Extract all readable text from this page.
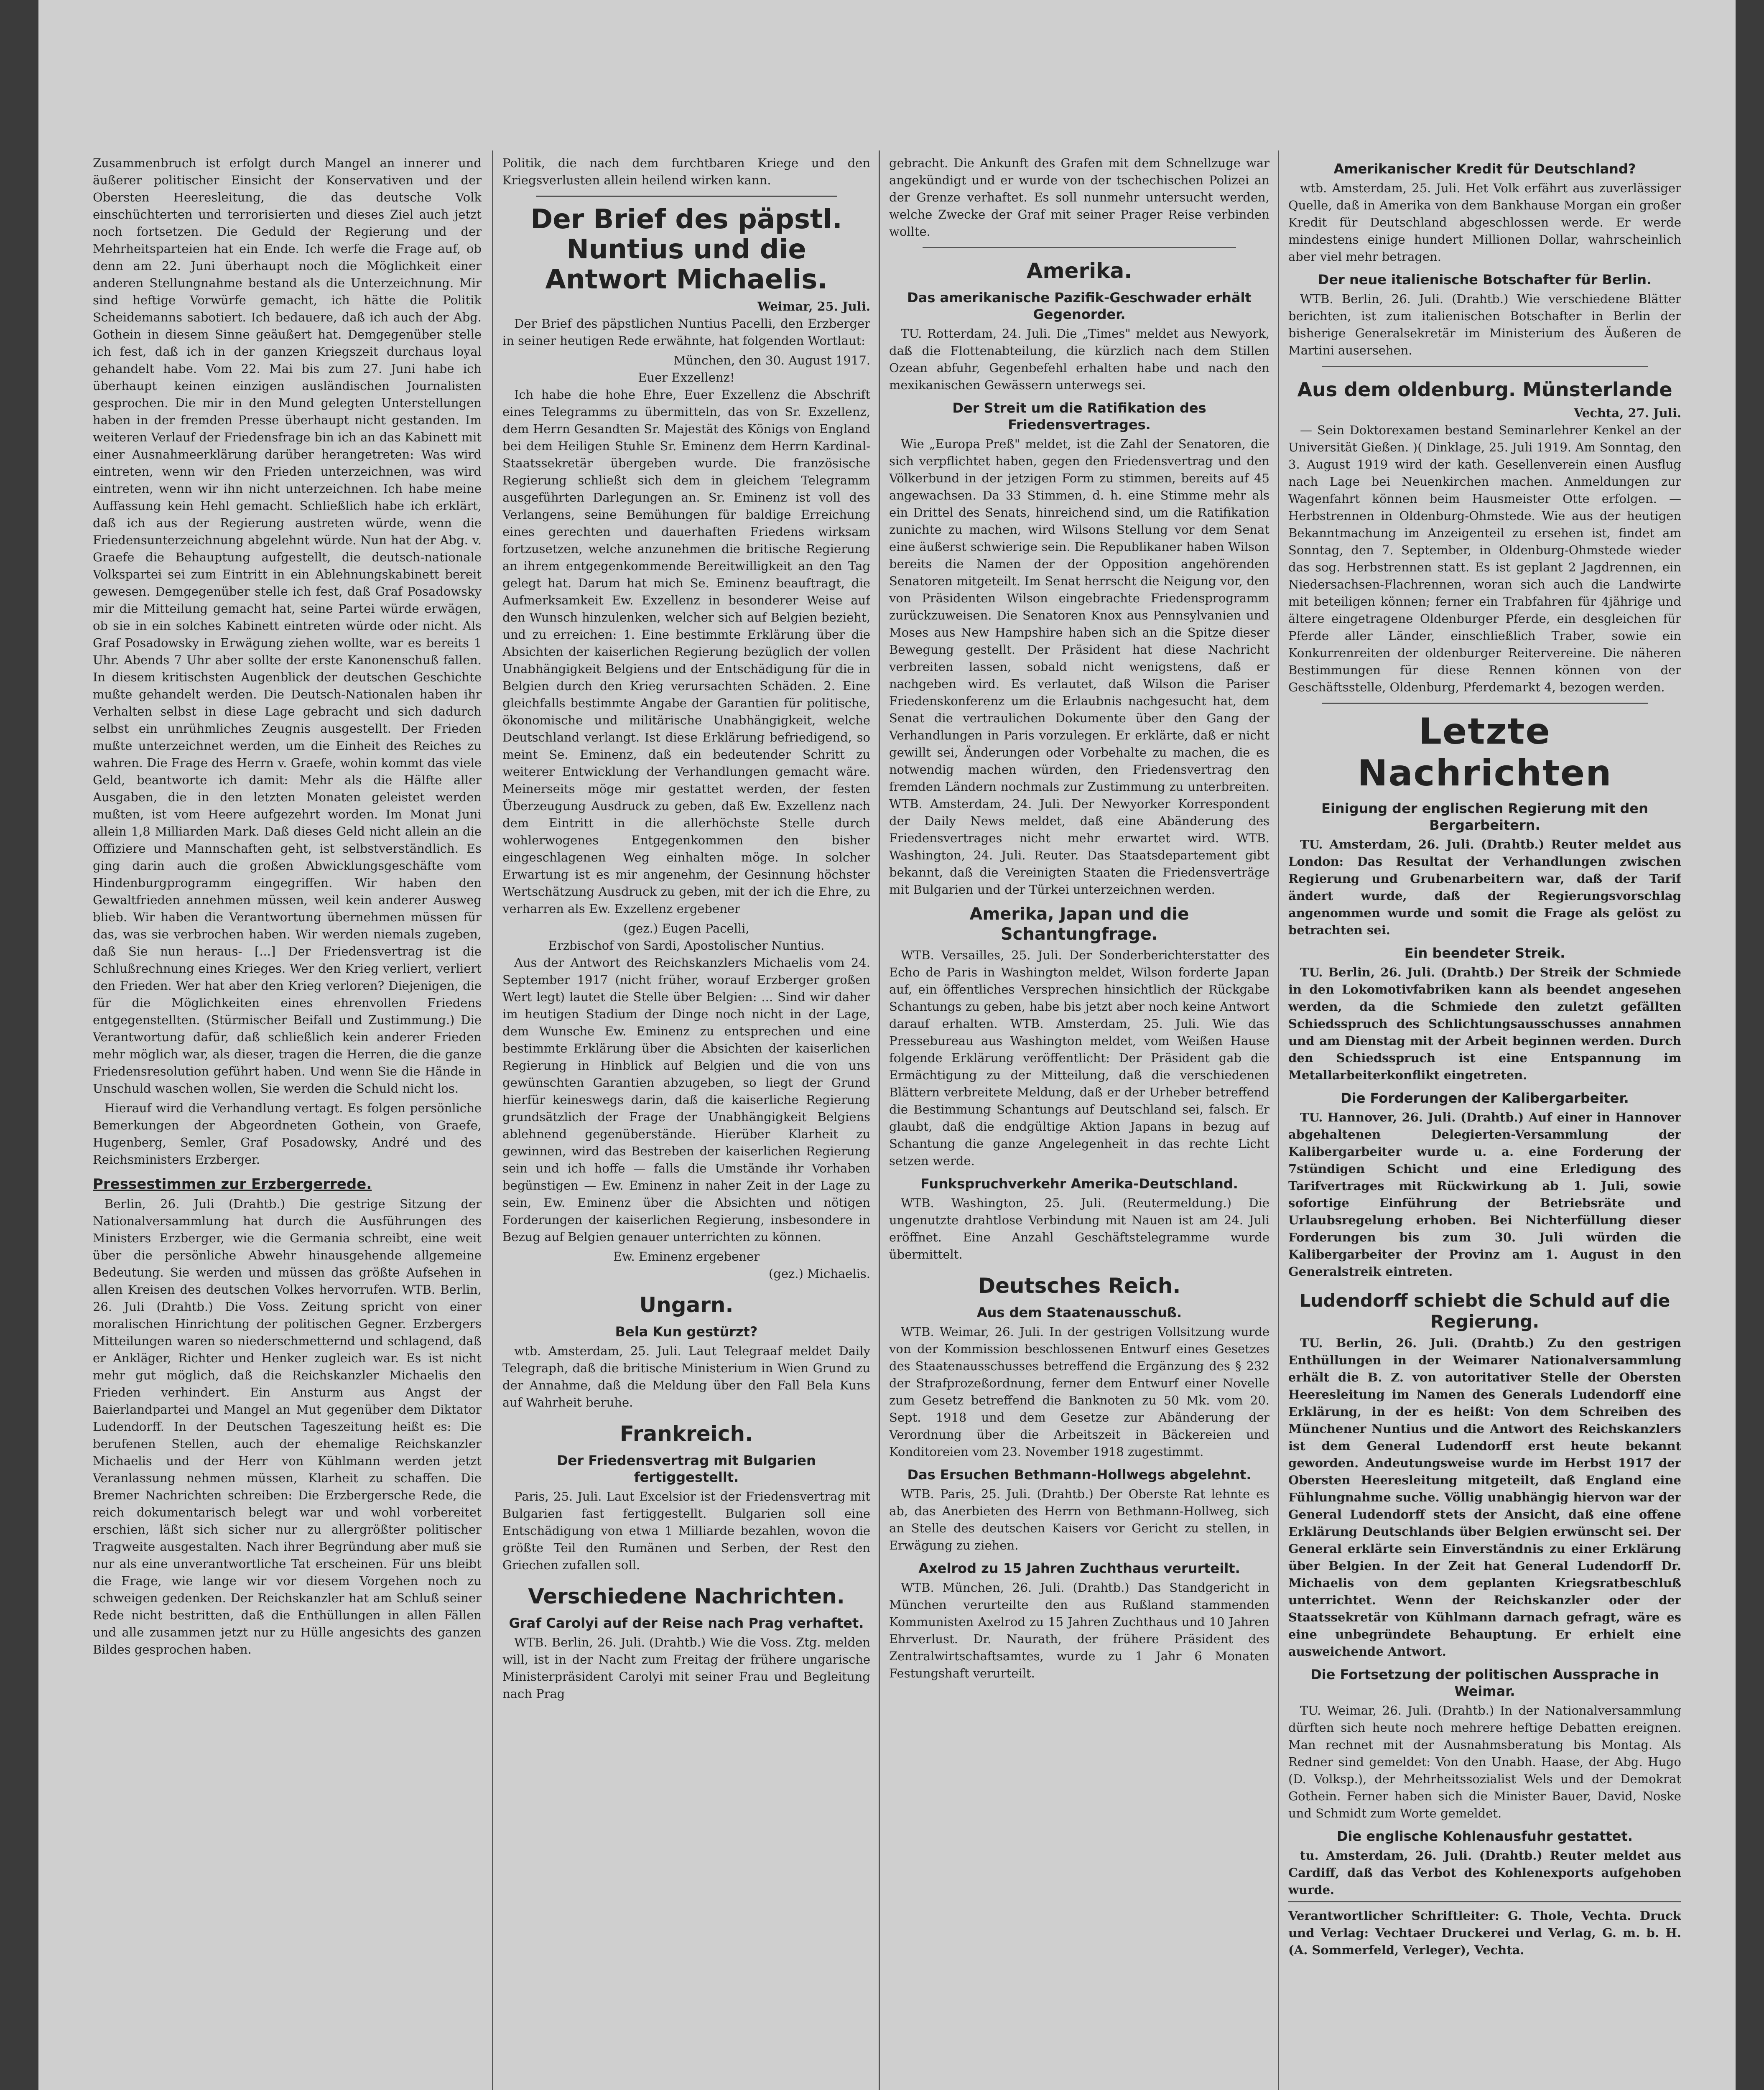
Zusammenbruch ist erfolgt durch Mangel an innerer und äußerer politischer Einsicht der Konservativen und der Obersten Heeresleitung, die das deutsche Volk einschüchterten und terrorisierten und dieses Ziel auch jetzt noch fortsetzen. Die Geduld der Regierung und der Mehrheitsparteien hat ein Ende. Ich werfe die Frage auf, ob denn am 22. Juni überhaupt noch die Möglichkeit einer anderen Stellungnahme bestand als die Unterzeichnung. Mir sind heftige Vorwürfe gemacht, ich hätte die Politik Scheidemanns sabotiert. Ich bedauere, daß ich auch der Abg. Gothein in diesem Sinne geäußert hat. Demgegenüber stelle ich fest, daß ich in der ganzen Kriegszeit durchaus loyal gehandelt habe. Vom 22. Mai bis zum 27. Juni habe ich überhaupt keinen einzigen ausländischen Journalisten gesprochen. Die mir in den Mund gelegten Unterstellungen haben in der fremden Presse überhaupt nicht gestanden. Im weiteren Verlauf der Friedensfrage bin ich an das Kabinett mit einer Ausnahmeerklärung darüber herangetreten: Was wird eintreten, wenn wir den Frieden unterzeichnen, was wird eintreten, wenn wir ihn nicht unterzeichnen. Ich habe meine Auffassung kein Hehl gemacht. Schließlich habe ich erklärt, daß ich aus der Regierung austreten würde, wenn die Friedensunterzeichnung abgelehnt würde. Nun hat der Abg. v. Graefe die Behauptung aufgestellt, die deutsch-nationale Volkspartei sei zum Eintritt in ein Ablehnungskabinett bereit gewesen. Demgegenüber stelle ich fest, daß Graf Posadowsky mir die Mitteilung gemacht hat, seine Partei würde erwägen, ob sie in ein solches Kabinett eintreten würde oder nicht. Als Graf Posadowsky in Erwägung ziehen wollte, war es bereits 1 Uhr. Abends 7 Uhr aber sollte der erste Kanonenschuß fallen. In diesem kritischsten Augenblick der deutschen Geschichte mußte gehandelt werden. Die Deutsch-Nationalen haben ihr Verhalten selbst in diese Lage gebracht und sich dadurch selbst ein unrühmliches Zeugnis ausgestellt. Der Frieden mußte unterzeichnet werden, um die Einheit des Reiches zu wahren. Die Frage des Herrn v. Graefe, wohin kommt das viele Geld, beantworte ich damit: Mehr als die Hälfte aller Ausgaben, die in den letzten Monaten geleistet werden mußten, ist vom Heere aufgezehrt worden. Im Monat Juni allein 1,8 Milliarden Mark. Daß dieses Geld nicht allein an die Offiziere und Mannschaften geht, ist selbstverständlich. Es ging darin auch die großen Abwicklungsgeschäfte vom Hindenburgprogramm eingegriffen. Wir haben den Gewaltfrieden annehmen müssen, weil kein anderer Ausweg blieb. Wir haben die Verantwortung übernehmen müssen für das, was sie verbrochen haben. Wir werden niemals zugeben, daß Sie nun heraus- [...] Der Friedensvertrag ist die Schlußrechnung eines Krieges. Wer den Krieg verliert, verliert den Frieden. Wer hat aber den Krieg verloren? Diejenigen, die für die Möglichkeiten eines ehrenvollen Friedens entgegenstellten. (Stürmischer Beifall und Zustimmung.) Die Verantwortung dafür, daß schließlich kein anderer Frieden mehr möglich war, als dieser, tragen die Herren, die die ganze Friedensresolution geführt haben. Und wenn Sie die Hände in Unschuld waschen wollen, Sie werden die Schuld nicht los.

Hierauf wird die Verhandlung vertagt. Es folgen persönliche Bemerkungen der Abgeordneten Gothein, von Graefe, Hugenberg, Semler, Graf Posadowsky, André und des Reichsministers Erzberger.

Pressestimmen zur Erzbergerrede.

Berlin, 26. Juli (Drahtb.) Die gestrige Sitzung der Nationalversammlung hat durch die Ausführungen des Ministers Erzberger, wie die Germania schreibt, eine weit über die persönliche Abwehr hinausgehende allgemeine Bedeutung. Sie werden und müssen das größte Aufsehen in allen Kreisen des deutschen Volkes hervorrufen. WTB. Berlin, 26. Juli (Drahtb.) Die Voss. Zeitung spricht von einer moralischen Hinrichtung der politischen Gegner. Erzbergers Mitteilungen waren so niederschmetternd und schlagend, daß er Ankläger, Richter und Henker zugleich war. Es ist nicht mehr gut möglich, daß die Reichskanzler Michaelis den Frieden verhindert. Ein Ansturm aus Angst der Baierlandpartei und Mangel an Mut gegenüber dem Diktator Ludendorff. In der Deutschen Tageszeitung heißt es: Die berufenen Stellen, auch der ehemalige Reichskanzler Michaelis und der Herr von Kühlmann werden jetzt Veranlassung nehmen müssen, Klarheit zu schaffen. Die Bremer Nachrichten schreiben: Die Erzbergersche Rede, die reich dokumentarisch belegt war und wohl vorbereitet erschien, läßt sich sicher nur zu allergrößter politischer Tragweite ausgestalten. Nach ihrer Begründung aber muß sie nur als eine unverantwortliche Tat erscheinen. Für uns bleibt die Frage, wie lange wir vor diesem Vorgehen noch zu schweigen gedenken. Der Reichskanzler hat am Schluß seiner Rede nicht bestritten, daß die Enthüllungen in allen Fällen und alle zusammen jetzt nur zu Hülle angesichts des ganzen Bildes gesprochen haben.

Politik, die nach dem furchtbaren Kriege und den Kriegsverlusten allein heilend wirken kann.

Der Brief des päpstl. Nuntius und die Antwort Michaelis.
Weimar, 25. Juli.

Der Brief des päpstlichen Nuntius Pacelli, den Erzberger in seiner heutigen Rede erwähnte, hat folgenden Wortlaut:

München, den 30. August 1917.
Euer Exzellenz!

Ich habe die hohe Ehre, Euer Exzellenz die Abschrift eines Telegramms zu übermitteln, das von Sr. Exzellenz, dem Herrn Gesandten Sr. Majestät des Königs von England bei dem Heiligen Stuhle Sr. Eminenz dem Herrn Kardinal-Staatssekretär übergeben wurde. Die französische Regierung schließt sich dem in gleichem Telegramm ausgeführten Darlegungen an. Sr. Eminenz ist voll des Verlangens, seine Bemühungen für baldige Erreichung eines gerechten und dauerhaften Friedens wirksam fortzusetzen, welche anzunehmen die britische Regierung an ihrem entgegenkommende Bereitwilligkeit an den Tag gelegt hat. Darum hat mich Se. Eminenz beauftragt, die Aufmerksamkeit Ew. Exzellenz in besonderer Weise auf den Wunsch hinzulenken, welcher sich auf Belgien bezieht, und zu erreichen: 1. Eine bestimmte Erklärung über die Absichten der kaiserlichen Regierung bezüglich der vollen Unabhängigkeit Belgiens und der Entschädigung für die in Belgien durch den Krieg verursachten Schäden. 2. Eine gleichfalls bestimmte Angabe der Garantien für politische, ökonomische und militärische Unabhängigkeit, welche Deutschland verlangt. Ist diese Erklärung befriedigend, so meint Se. Eminenz, daß ein bedeutender Schritt zu weiterer Entwicklung der Verhandlungen gemacht wäre. Meinerseits möge mir gestattet werden, der festen Überzeugung Ausdruck zu geben, daß Ew. Exzellenz nach dem Eintritt in die allerhöchste Stelle durch wohlerwogenes Entgegenkommen den bisher eingeschlagenen Weg einhalten möge. In solcher Erwartung ist es mir angenehm, der Gesinnung höchster Wertschätzung Ausdruck zu geben, mit der ich die Ehre, zu verharren als Ew. Exzellenz ergebener

(gez.) Eugen Pacelli,
Erzbischof von Sardi, Apostolischer Nuntius.

Aus der Antwort des Reichskanzlers Michaelis vom 24. September 1917 (nicht früher, worauf Erzberger großen Wert legt) lautet die Stelle über Belgien: ... Sind wir daher im heutigen Stadium der Dinge noch nicht in der Lage, dem Wunsche Ew. Eminenz zu entsprechen und eine bestimmte Erklärung über die Absichten der kaiserlichen Regierung in Hinblick auf Belgien und die von uns gewünschten Garantien abzugeben, so liegt der Grund hierfür keineswegs darin, daß die kaiserliche Regierung grundsätzlich der Frage der Unabhängigkeit Belgiens ablehnend gegenüberstände. Hierüber Klarheit zu gewinnen, wird das Bestreben der kaiserlichen Regierung sein und ich hoffe — falls die Umstände ihr Vorhaben begünstigen — Ew. Eminenz in naher Zeit in der Lage zu sein, Ew. Eminenz über die Absichten und nötigen Forderungen der kaiserlichen Regierung, insbesondere in Bezug auf Belgien genauer unterrichten zu können.

Ew. Eminenz ergebener
(gez.) Michaelis.
Ungarn.
Bela Kun gestürzt?

wtb. Amsterdam, 25. Juli. Laut Telegraaf meldet Daily Telegraph, daß die britische Ministerium in Wien Grund zu der Annahme, daß die Meldung über den Fall Bela Kuns auf Wahrheit beruhe.

Frankreich.
Der Friedensvertrag mit Bulgarien fertiggestellt.

Paris, 25. Juli. Laut Excelsior ist der Friedensvertrag mit Bulgarien fast fertiggestellt. Bulgarien soll eine Entschädigung von etwa 1 Milliarde bezahlen, wovon die größte Teil den Rumänen und Serben, der Rest den Griechen zufallen soll.

Verschiedene Nachrichten.
Graf Carolyi auf der Reise nach Prag verhaftet.

WTB. Berlin, 26. Juli. (Drahtb.) Wie die Voss. Ztg. melden will, ist in der Nacht zum Freitag der frühere ungarische Ministerpräsident Carolyi mit seiner Frau und Begleitung nach Prag

gebracht. Die Ankunft des Grafen mit dem Schnellzuge war angekündigt und er wurde von der tschechischen Polizei an der Grenze verhaftet. Es soll nunmehr untersucht werden, welche Zwecke der Graf mit seiner Prager Reise verbinden wollte.

Amerika.
Das amerikanische Pazifik-Geschwader erhält Gegenorder.

TU. Rotterdam, 24. Juli. Die „Times" meldet aus Newyork, daß die Flottenabteilung, die kürzlich nach dem Stillen Ozean abfuhr, Gegenbefehl erhalten habe und nach den mexikanischen Gewässern unterwegs sei.

Der Streit um die Ratifikation des Friedensvertrages.

Wie „Europa Preß" meldet, ist die Zahl der Senatoren, die sich verpflichtet haben, gegen den Friedensvertrag und den Völkerbund in der jetzigen Form zu stimmen, bereits auf 45 angewachsen. Da 33 Stimmen, d. h. eine Stimme mehr als ein Drittel des Senats, hinreichend sind, um die Ratifikation zunichte zu machen, wird Wilsons Stellung vor dem Senat eine äußerst schwierige sein. Die Republikaner haben Wilson bereits die Namen der der Opposition angehörenden Senatoren mitgeteilt. Im Senat herrscht die Neigung vor, den von Präsidenten Wilson eingebrachte Friedensprogramm zurückzuweisen. Die Senatoren Knox aus Pennsylvanien und Moses aus New Hampshire haben sich an die Spitze dieser Bewegung gestellt. Der Präsident hat diese Nachricht verbreiten lassen, sobald nicht wenigstens, daß er nachgeben wird. Es verlautet, daß Wilson die Pariser Friedenskonferenz um die Erlaubnis nachgesucht hat, dem Senat die vertraulichen Dokumente über den Gang der Verhandlungen in Paris vorzulegen. Er erklärte, daß er nicht gewillt sei, Änderungen oder Vorbehalte zu machen, die es notwendig machen würden, den Friedensvertrag den fremden Ländern nochmals zur Zustimmung zu unterbreiten. WTB. Amsterdam, 24. Juli. Der Newyorker Korrespondent der Daily News meldet, daß eine Abänderung des Friedensvertrages nicht mehr erwartet wird. WTB. Washington, 24. Juli. Reuter. Das Staatsdepartement gibt bekannt, daß die Vereinigten Staaten die Friedensverträge mit Bulgarien und der Türkei unterzeichnen werden.

Amerika, Japan und die Schantungfrage.

WTB. Versailles, 25. Juli. Der Sonderberichterstatter des Echo de Paris in Washington meldet, Wilson forderte Japan auf, ein öffentliches Versprechen hinsichtlich der Rückgabe Schantungs zu geben, habe bis jetzt aber noch keine Antwort darauf erhalten. WTB. Amsterdam, 25. Juli. Wie das Pressebureau aus Washington meldet, vom Weißen Hause folgende Erklärung veröffentlicht: Der Präsident gab die Ermächtigung zu der Mitteilung, daß die verschiedenen Blättern verbreitete Meldung, daß er der Urheber betreffend die Bestimmung Schantungs auf Deutschland sei, falsch. Er glaubt, daß die endgültige Aktion Japans in bezug auf Schantung die ganze Angelegenheit in das rechte Licht setzen werde.

Funkspruchverkehr Amerika-Deutschland.

WTB. Washington, 25. Juli. (Reutermeldung.) Die ungenutzte drahtlose Verbindung mit Nauen ist am 24. Juli eröffnet. Eine Anzahl Geschäftstelegramme wurde übermittelt.

Deutsches Reich.
Aus dem Staatenausschuß.

WTB. Weimar, 26. Juli. In der gestrigen Vollsitzung wurde von der Kommission beschlossenen Entwurf eines Gesetzes des Staatenausschusses betreffend die Ergänzung des § 232 der Strafprozeßordnung, ferner dem Entwurf einer Novelle zum Gesetz betreffend die Banknoten zu 50 Mk. vom 20. Sept. 1918 und dem Gesetze zur Abänderung der Verordnung über die Arbeitszeit in Bäckereien und Konditoreien vom 23. November 1918 zugestimmt.

Das Ersuchen Bethmann-Hollwegs abgelehnt.

WTB. Paris, 25. Juli. (Drahtb.) Der Oberste Rat lehnte es ab, das Anerbieten des Herrn von Bethmann-Hollweg, sich an Stelle des deutschen Kaisers vor Gericht zu stellen, in Erwägung zu ziehen.

Axelrod zu 15 Jahren Zuchthaus verurteilt.

WTB. München, 26. Juli. (Drahtb.) Das Standgericht in München verurteilte den aus Rußland stammenden Kommunisten Axelrod zu 15 Jahren Zuchthaus und 10 Jahren Ehrverlust. Dr. Naurath, der frühere Präsident des Zentralwirtschaftsamtes, wurde zu 1 Jahr 6 Monaten Festungshaft verurteilt.

Amerikanischer Kredit für Deutschland?

wtb. Amsterdam, 25. Juli. Het Volk erfährt aus zuverlässiger Quelle, daß in Amerika von dem Bankhause Morgan ein großer Kredit für Deutschland abgeschlossen werde. Er werde mindestens einige hundert Millionen Dollar, wahrscheinlich aber viel mehr betragen.

Der neue italienische Botschafter für Berlin.

WTB. Berlin, 26. Juli. (Drahtb.) Wie verschiedene Blätter berichten, ist zum italienischen Botschafter in Berlin der bisherige Generalsekretär im Ministerium des Äußeren de Martini ausersehen.

Aus dem oldenburg. Münsterlande
Vechta, 27. Juli.

— Sein Doktorexamen bestand Seminarlehrer Kenkel an der Universität Gießen. )( Dinklage, 25. Juli 1919. Am Sonntag, den 3. August 1919 wird der kath. Gesellenverein einen Ausflug nach Lage bei Neuenkirchen machen. Anmeldungen zur Wagenfahrt können beim Hausmeister Otte erfolgen. — Herbstrennen in Oldenburg-Ohmstede. Wie aus der heutigen Bekanntmachung im Anzeigenteil zu ersehen ist, findet am Sonntag, den 7. September, in Oldenburg-Ohmstede wieder das sog. Herbstrennen statt. Es ist geplant 2 Jagdrennen, ein Niedersachsen-Flachrennen, woran sich auch die Landwirte mit beteiligen können; ferner ein Trabfahren für 4jährige und ältere eingetragene Oldenburger Pferde, ein desgleichen für Pferde aller Länder, einschließlich Traber, sowie ein Konkurrenreiten der oldenburger Reitervereine. Die näheren Bestimmungen für diese Rennen können von der Geschäftsstelle, Oldenburg, Pferdemarkt 4, bezogen werden.

Letzte Nachrichten
Einigung der englischen Regierung mit den Bergarbeitern.

TU. Amsterdam, 26. Juli. (Drahtb.) Reuter meldet aus London: Das Resultat der Verhandlungen zwischen Regierung und Grubenarbeitern war, daß der Tarif ändert wurde, daß der Regierungsvorschlag angenommen wurde und somit die Frage als gelöst zu betrachten sei.

Ein beendeter Streik.

TU. Berlin, 26. Juli. (Drahtb.) Der Streik der Schmiede in den Lokomotivfabriken kann als beendet angesehen werden, da die Schmiede den zuletzt gefällten Schiedsspruch des Schlichtungsausschusses annahmen und am Dienstag mit der Arbeit beginnen werden. Durch den Schiedsspruch ist eine Entspannung im Metallarbeiterkonflikt eingetreten.

Die Forderungen der Kalibergarbeiter.

TU. Hannover, 26. Juli. (Drahtb.) Auf einer in Hannover abgehaltenen Delegierten-Versammlung der Kalibergarbeiter wurde u. a. eine Forderung der 7stündigen Schicht und eine Erledigung des Tarifvertrages mit Rückwirkung ab 1. Juli, sowie sofortige Einführung der Betriebsräte und Urlaubsregelung erhoben. Bei Nichterfüllung dieser Forderungen bis zum 30. Juli würden die Kalibergarbeiter der Provinz am 1. August in den Generalstreik eintreten.

Ludendorff schiebt die Schuld auf die Regierung.

TU. Berlin, 26. Juli. (Drahtb.) Zu den gestrigen Enthüllungen in der Weimarer Nationalversammlung erhält die B. Z. von autoritativer Stelle der Obersten Heeresleitung im Namen des Generals Ludendorff eine Erklärung, in der es heißt: Von dem Schreiben des Münchener Nuntius und die Antwort des Reichskanzlers ist dem General Ludendorff erst heute bekannt geworden. Andeutungsweise wurde im Herbst 1917 der Obersten Heeresleitung mitgeteilt, daß England eine Fühlungnahme suche. Völlig unabhängig hiervon war der General Ludendorff stets der Ansicht, daß eine offene Erklärung Deutschlands über Belgien erwünscht sei. Der General erklärte sein Einverständnis zu einer Erklärung über Belgien. In der Zeit hat General Ludendorff Dr. Michaelis von dem geplanten Kriegsratbeschluß unterrichtet. Wenn der Reichskanzler oder der Staatssekretär von Kühlmann darnach gefragt, wäre es eine unbegründete Behauptung. Er erhielt eine ausweichende Antwort.

Die Fortsetzung der politischen Aussprache in Weimar.

TU. Weimar, 26. Juli. (Drahtb.) In der Nationalversammlung dürften sich heute noch mehrere heftige Debatten ereignen. Man rechnet mit der Ausnahmsberatung bis Montag. Als Redner sind gemeldet: Von den Unabh. Haase, der Abg. Hugo (D. Volksp.), der Mehrheitssozialist Wels und der Demokrat Gothein. Ferner haben sich die Minister Bauer, David, Noske und Schmidt zum Worte gemeldet.

Die englische Kohlenausfuhr gestattet.

tu. Amsterdam, 26. Juli. (Drahtb.) Reuter meldet aus Cardiff, daß das Verbot des Kohlenexports aufgehoben wurde.

Verantwortlicher Schriftleiter: G. Thole, Vechta. Druck und Verlag: Vechtaer Druckerei und Verlag, G. m. b. H. (A. Sommerfeld, Verleger), Vechta.
